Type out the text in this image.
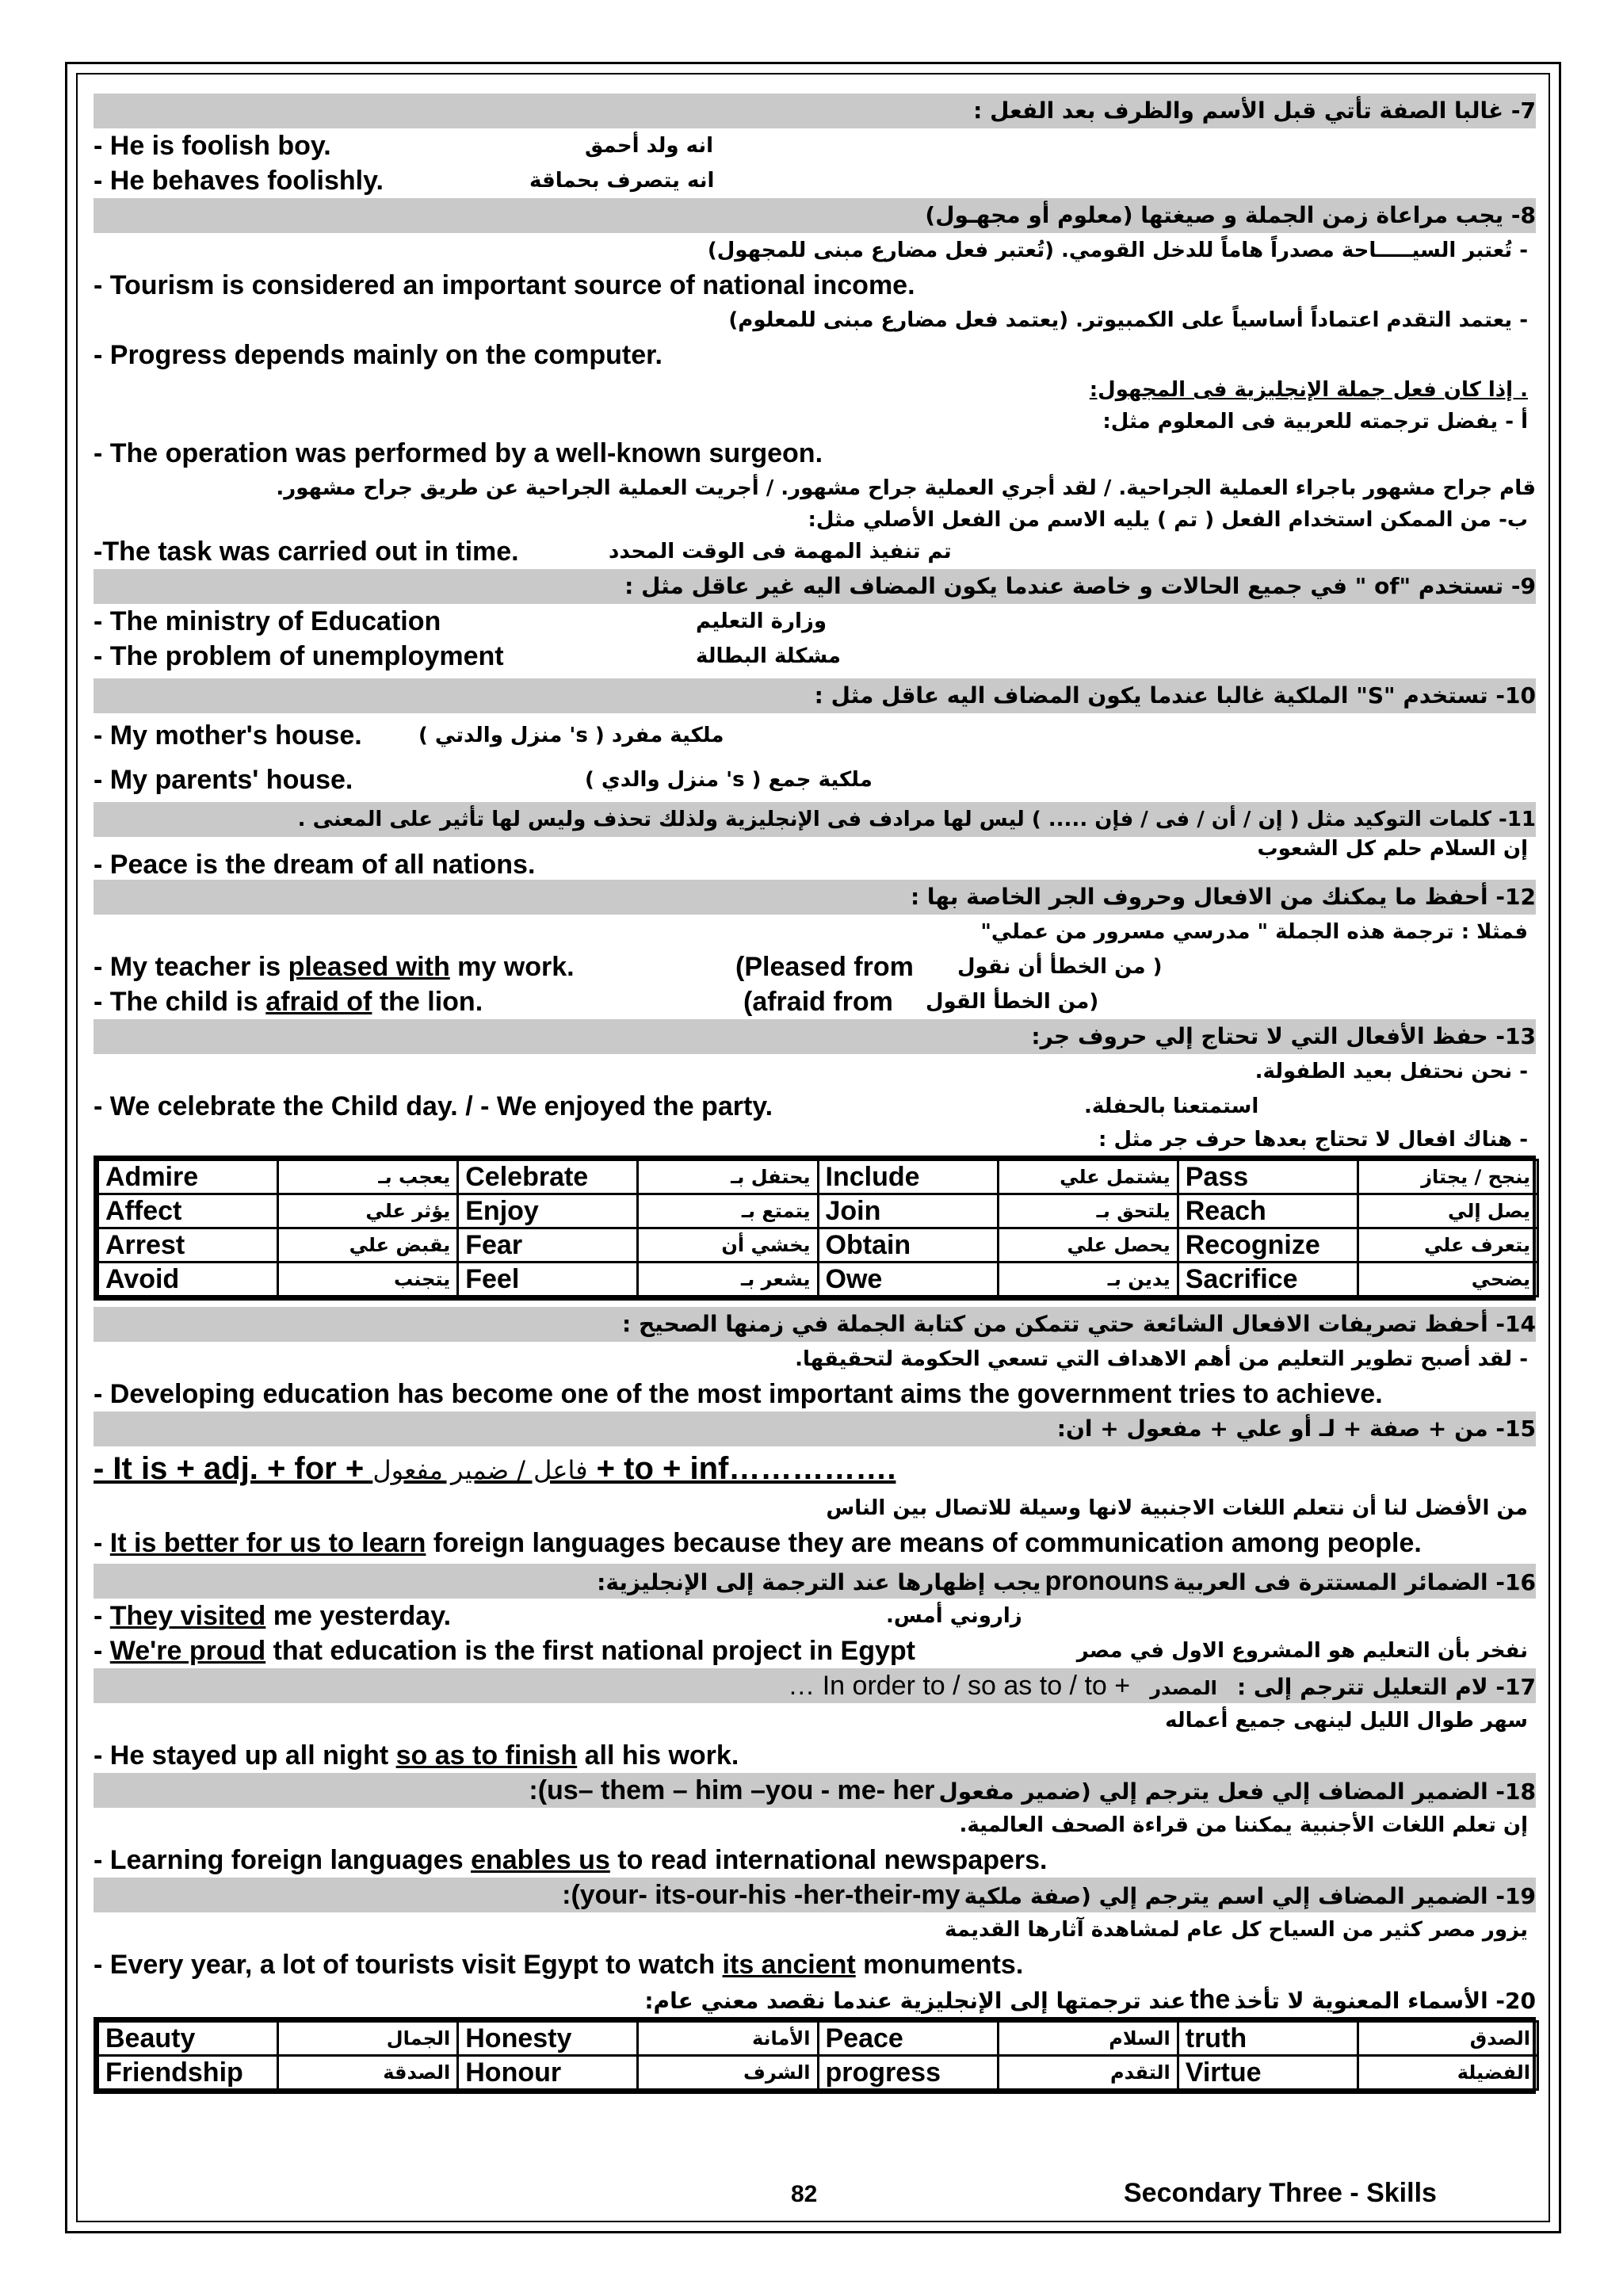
7- غالبا الصفة تأتي قبل الأسم والظرف بعد الفعل :
- He is foolish boy.	انه ولد أحمق
- He behaves foolishly.	انه يتصرف بحماقة
8- يجب مراعاة زمن الجملة و صيغتها (معلوم أو مجهـول)
- تُعتبر السيـــــاحة مصدراً هاماً للدخل القومي. (تُعتبر فعل مضارع مبنى للمجهول)
- Tourism is considered an important source of national income.
- يعتمد التقدم اعتماداً أساسياً على الكمبيوتر. (يعتمد فعل مضارع مبنى للمعلوم)
- Progress depends mainly on the computer.
. إذا كان فعل جملة الإنجليزية فى المجهول:
أ - يفضل ترجمته للعربية فى المعلوم مثل:
- The operation was performed by a well-known surgeon.
قام جراح مشهور باجراء العملية الجراحية. / لقد أجري العملية جراح مشهور. / أجريت العملية الجراحية عن طريق جراح مشهور.
ب- من الممكن استخدام الفعل ( تم ) يليه الاسم من الفعل الأصلي مثل:
-The task was carried out in time.	تم تنفيذ المهمة فى الوقت المحدد
9- تستخدم "of " في جميع الحالات و خاصة عندما يكون المضاف اليه غير عاقل مثل :
- The ministry of Education	وزارة التعليم
- The problem of unemployment	مشكلة البطالة
10- تستخدم "S" الملكية غالبا عندما يكون المضاف اليه عاقل مثل :
- My mother's house.	ملكية مفرد ( s' منزل والدتي )
- My parents' house.	ملكية جمع ( s' منزل والدي )
11- كلمات التوكيد مثل ( إن / أن / فى / فإن ..... ) ليس لها مرادف فى الإنجليزية ولذلك تحذف وليس لها تأثير على المعنى .
- Peace is the dream of all nations.
إن السلام حلم كل الشعوب
12- أحفظ ما يمكنك من الافعال وحروف الجر الخاصة بها :
فمثلا : ترجمة هذه الجملة " مدرسي مسرور من عملي"
- My teacher is pleased with my work.	(Pleased from ( من الخطأ أن نقول
- The child is afraid of the lion.	(afraid from (من الخطأ القول
13- حفظ الأفعال التي لا تحتاج إلي حروف جر:
- نحن نحتفل بعيد الطفولة.
- We celebrate the Child day. / - We enjoyed the party.	استمتعنا بالحفلة.
- هناك افعال لا تحتاج بعدها حرف جر مثل :
Admire	يعجب بـ	Celebrate	يحتفل بـ	Include	يشتمل علي	Pass	ينجح / يجتاز
Affect	يؤثر علي	Enjoy	يتمتع بـ	Join	يلتحق بـ	Reach	يصل إلي
Arrest	يقبض علي	Fear	يخشي أن	Obtain	يحصل علي	Recognize	يتعرف علي
Avoid	يتجنب	Feel	يشعر بـ	Owe	يدين بـ	Sacrifice	يضحي
14- أحفظ تصريفات الافعال الشائعة حتي تتمكن من كتابة الجملة في زمنها الصحيح :
- لقد أصبح تطوير التعليم من أهم الاهداف التي تسعي الحكومة لتحقيقها.
- Developing education has become one of the most important aims the government tries to achieve.
15- من + صفة + لـ أو علي + مفعول + ان:
- It is + adj. + for + فاعل / ضمير مفعول + to + inf…………….
من الأفضل لنا أن نتعلم اللغات الاجنبية لانها وسيلة للاتصال بين الناس
- It is better for us to learn foreign languages because they are means of communication among people.
16- الضمائر المستترة فى العربية pronouns يجب إظهارها عند الترجمة إلى الإنجليزية:
- They visited me yesterday.	زاروني أمس.
- We're proud that education is the first national project in Egypt	نفخر بأن التعليم هو المشروع الاول في مصر
17- لام التعليل تترجم إلى : المصدر … In order to / so as to / to +
سهر طوال الليل لينهى جميع أعماله
- He stayed up all night so as to finish all his work.
18- الضمير المضاف إلي فعل يترجم إلي (ضمير مفعول :(us– them – him –you - me- her
إن تعلم اللغات الأجنبية يمكننا من قراءة الصحف العالمية.
- Learning foreign languages enables us to read international newspapers.
19- الضمير المضاف إلي اسم يترجم إلي (صفة ملكية :(your- its-our-his -her-their-my
يزور مصر كثير من السياح كل عام لمشاهدة آثارها القديمة
- Every year, a lot of tourists visit Egypt to watch its ancient monuments.
20- الأسماء المعنوية لا تأخذ the عند ترجمتها إلى الإنجليزية عندما نقصد معني عام:
Beauty	الجمال	Honesty	الأمانة	Peace	السلام	truth	الصدق
Friendship	الصدقة	Honour	الشرف	progress	التقدم	Virtue	الفضيلة
82	Secondary Three - Skills
